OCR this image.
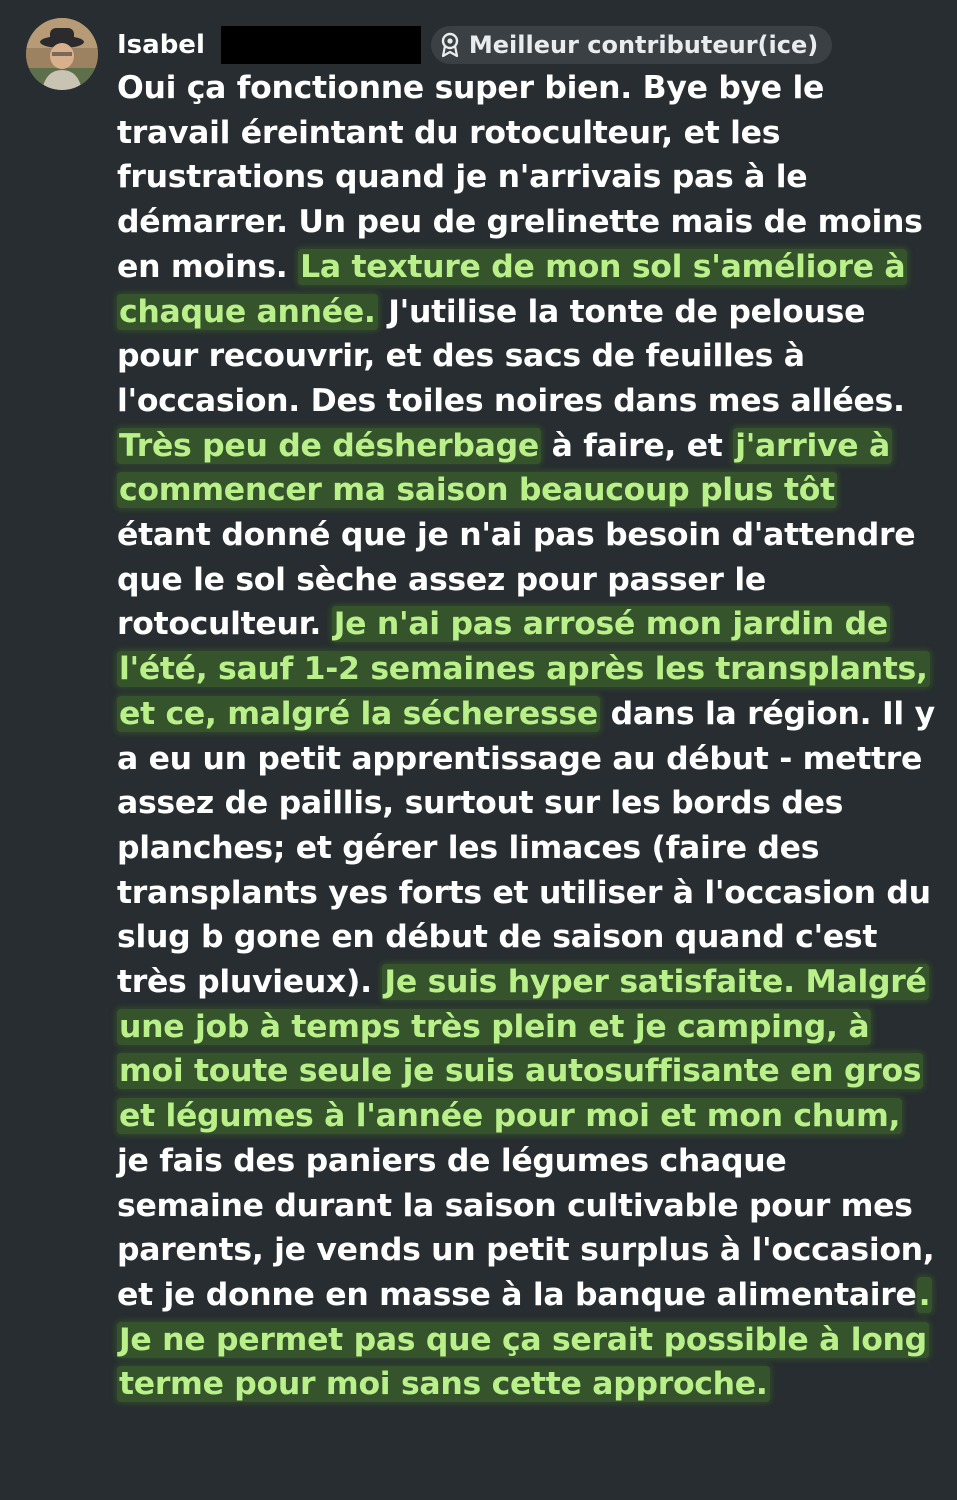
Isabel	Meilleur contributeur(ice)

Oui ça fonctionne super bien. Bye bye le travail éreintant du rotoculteur, et les frustrations quand je n'arrivais pas à le démarrer. Un peu de grelinette mais de moins en moins. La texture de mon sol s'améliore à chaque année. J'utilise la tonte de pelouse pour recouvrir, et des sacs de feuilles à l'occasion. Des toiles noires dans mes allées. Très peu de désherbage à faire, et j'arrive à commencer ma saison beaucoup plus tôt étant donné que je n'ai pas besoin d'attendre que le sol sèche assez pour passer le rotoculteur. Je n'ai pas arrosé mon jardin de l'été, sauf 1-2 semaines après les transplants, et ce, malgré la sécheresse dans la région. Il y a eu un petit apprentissage au début - mettre assez de paillis, surtout sur les bords des planches; et gérer les limaces (faire des transplants yes forts et utiliser à l'occasion du slug b gone en début de saison quand c'est très pluvieux). Je suis hyper satisfaite. Malgré une job à temps très plein et je camping, à moi toute seule je suis autosuffisante en gros et légumes à l'année pour moi et mon chum, je fais des paniers de légumes chaque semaine durant la saison cultivable pour mes parents, je vends un petit surplus à l'occasion, et je donne en masse à la banque alimentaire. Je ne permet pas que ça serait possible à long terme pour moi sans cette approche.
